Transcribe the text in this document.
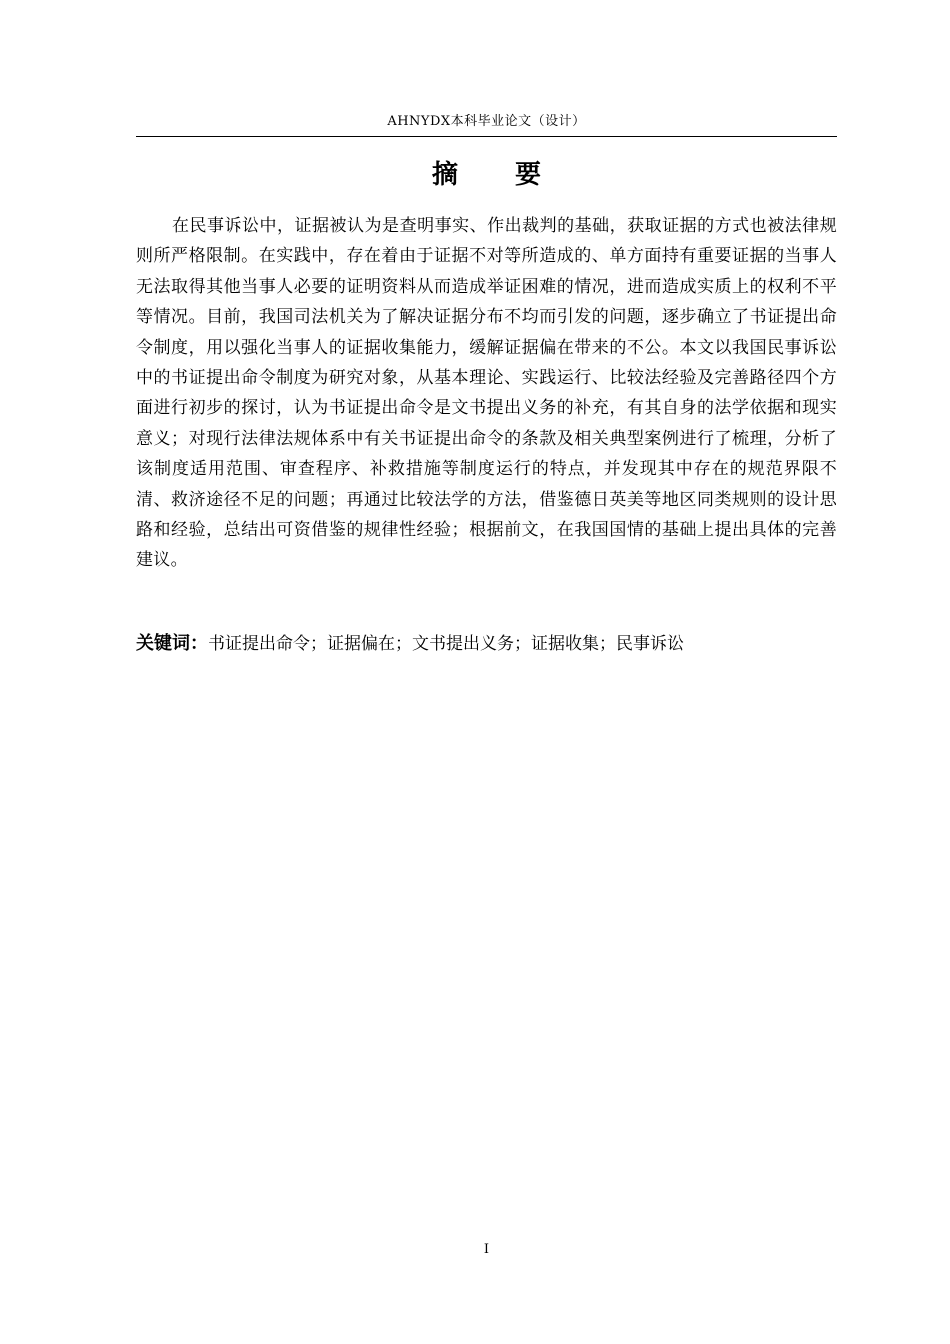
AHNYDX本科毕业论文（设计）
摘 要

在民事诉讼中，证据被认为是查明事实、作出裁判的基础，获取证据的方式也被法律规则所严格限制。在实践中，存在着由于证据不对等所造成的、单方面持有重要证据的当事人无法取得其他当事人必要的证明资料从而造成举证困难的情况，进而造成实质上的权利不平等情况。目前，我国司法机关为了解决证据分布不均而引发的问题，逐步确立了书证提出命令制度，用以强化当事人的证据收集能力，缓解证据偏在带来的不公。本文以我国民事诉讼中的书证提出命令制度为研究对象，从基本理论、实践运行、比较法经验及完善路径四个方面进行初步的探讨，认为书证提出命令是文书提出义务的补充，有其自身的法学依据和现实意义；对现行法律法规体系中有关书证提出命令的条款及相关典型案例进行了梳理，分析了该制度适用范围、审查程序、补救措施等制度运行的特点，并发现其中存在的规范界限不清、救济途径不足的问题；再通过比较法学的方法，借鉴德日英美等地区同类规则的设计思路和经验，总结出可资借鉴的规律性经验；根据前文，在我国国情的基础上提出具体的完善建议。

关键词：书证提出命令；证据偏在；文书提出义务；证据收集；民事诉讼
I
